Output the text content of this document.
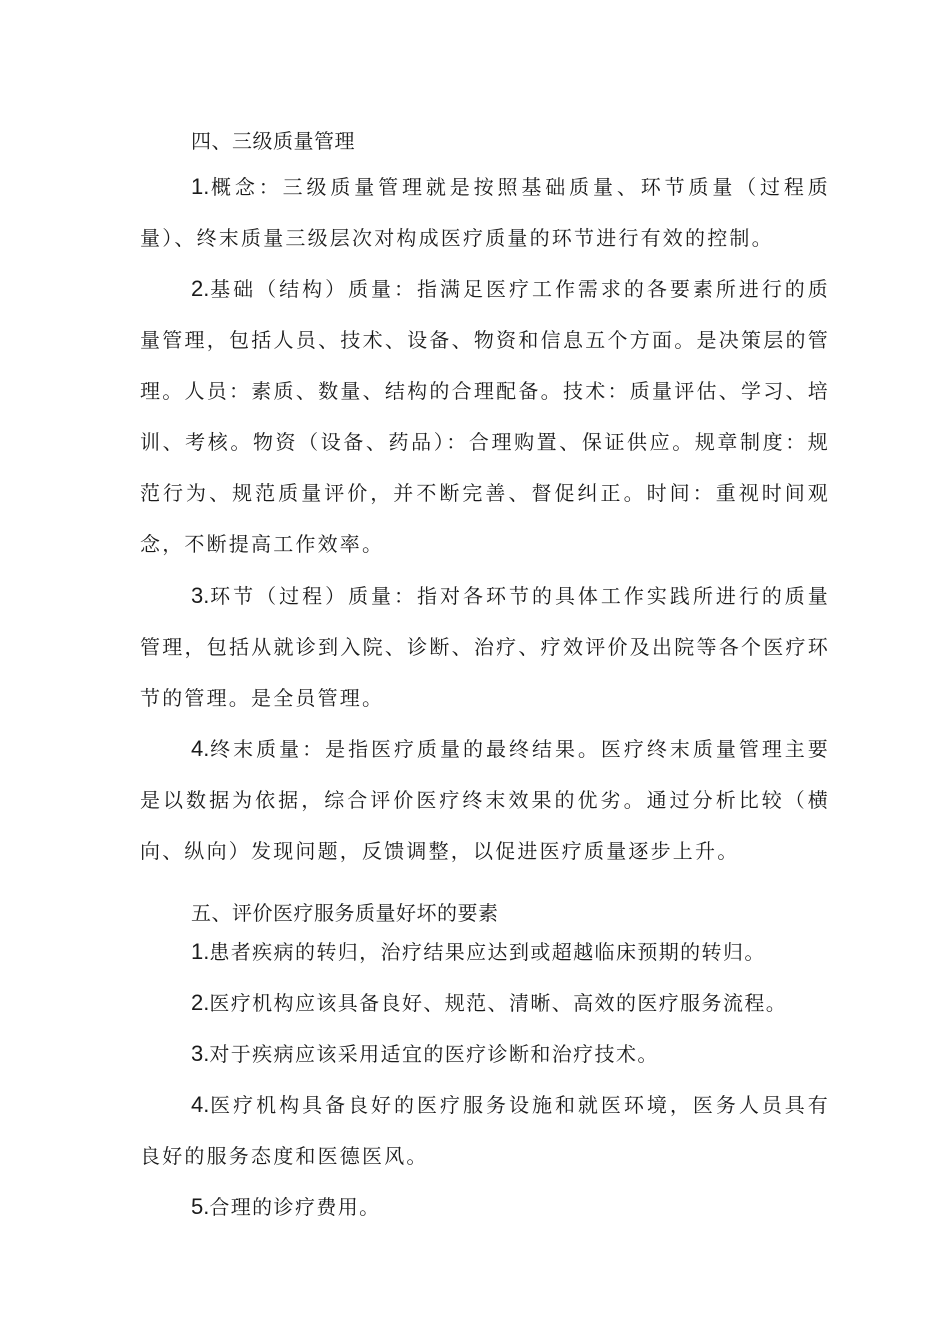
四、三级质量管理

1.概念：三级质量管理就是按照基础质量、环节质量（过程质量）、终末质量三级层次对构成医疗质量的环节进行有效的控制。

2.基础（结构）质量：指满足医疗工作需求的各要素所进行的质量管理，包括人员、技术、设备、物资和信息五个方面。是决策层的管理。人员：素质、数量、结构的合理配备。技术：质量评估、学习、培训、考核。物资（设备、药品）：合理购置、保证供应。规章制度：规范行为、规范质量评价，并不断完善、督促纠正。时间：重视时间观念，不断提高工作效率。

3.环节（过程）质量：指对各环节的具体工作实践所进行的质量管理，包括从就诊到入院、诊断、治疗、疗效评价及出院等各个医疗环节的管理。是全员管理。

4.终末质量：是指医疗质量的最终结果。医疗终末质量管理主要是以数据为依据，综合评价医疗终末效果的优劣。通过分析比较（横向、纵向）发现问题，反馈调整，以促进医疗质量逐步上升。

五、评价医疗服务质量好坏的要素

1.患者疾病的转归，治疗结果应达到或超越临床预期的转归。

2.医疗机构应该具备良好、规范、清晰、高效的医疗服务流程。

3.对于疾病应该采用适宜的医疗诊断和治疗技术。

4.医疗机构具备良好的医疗服务设施和就医环境，医务人员具有良好的服务态度和医德医风。

5.合理的诊疗费用。
